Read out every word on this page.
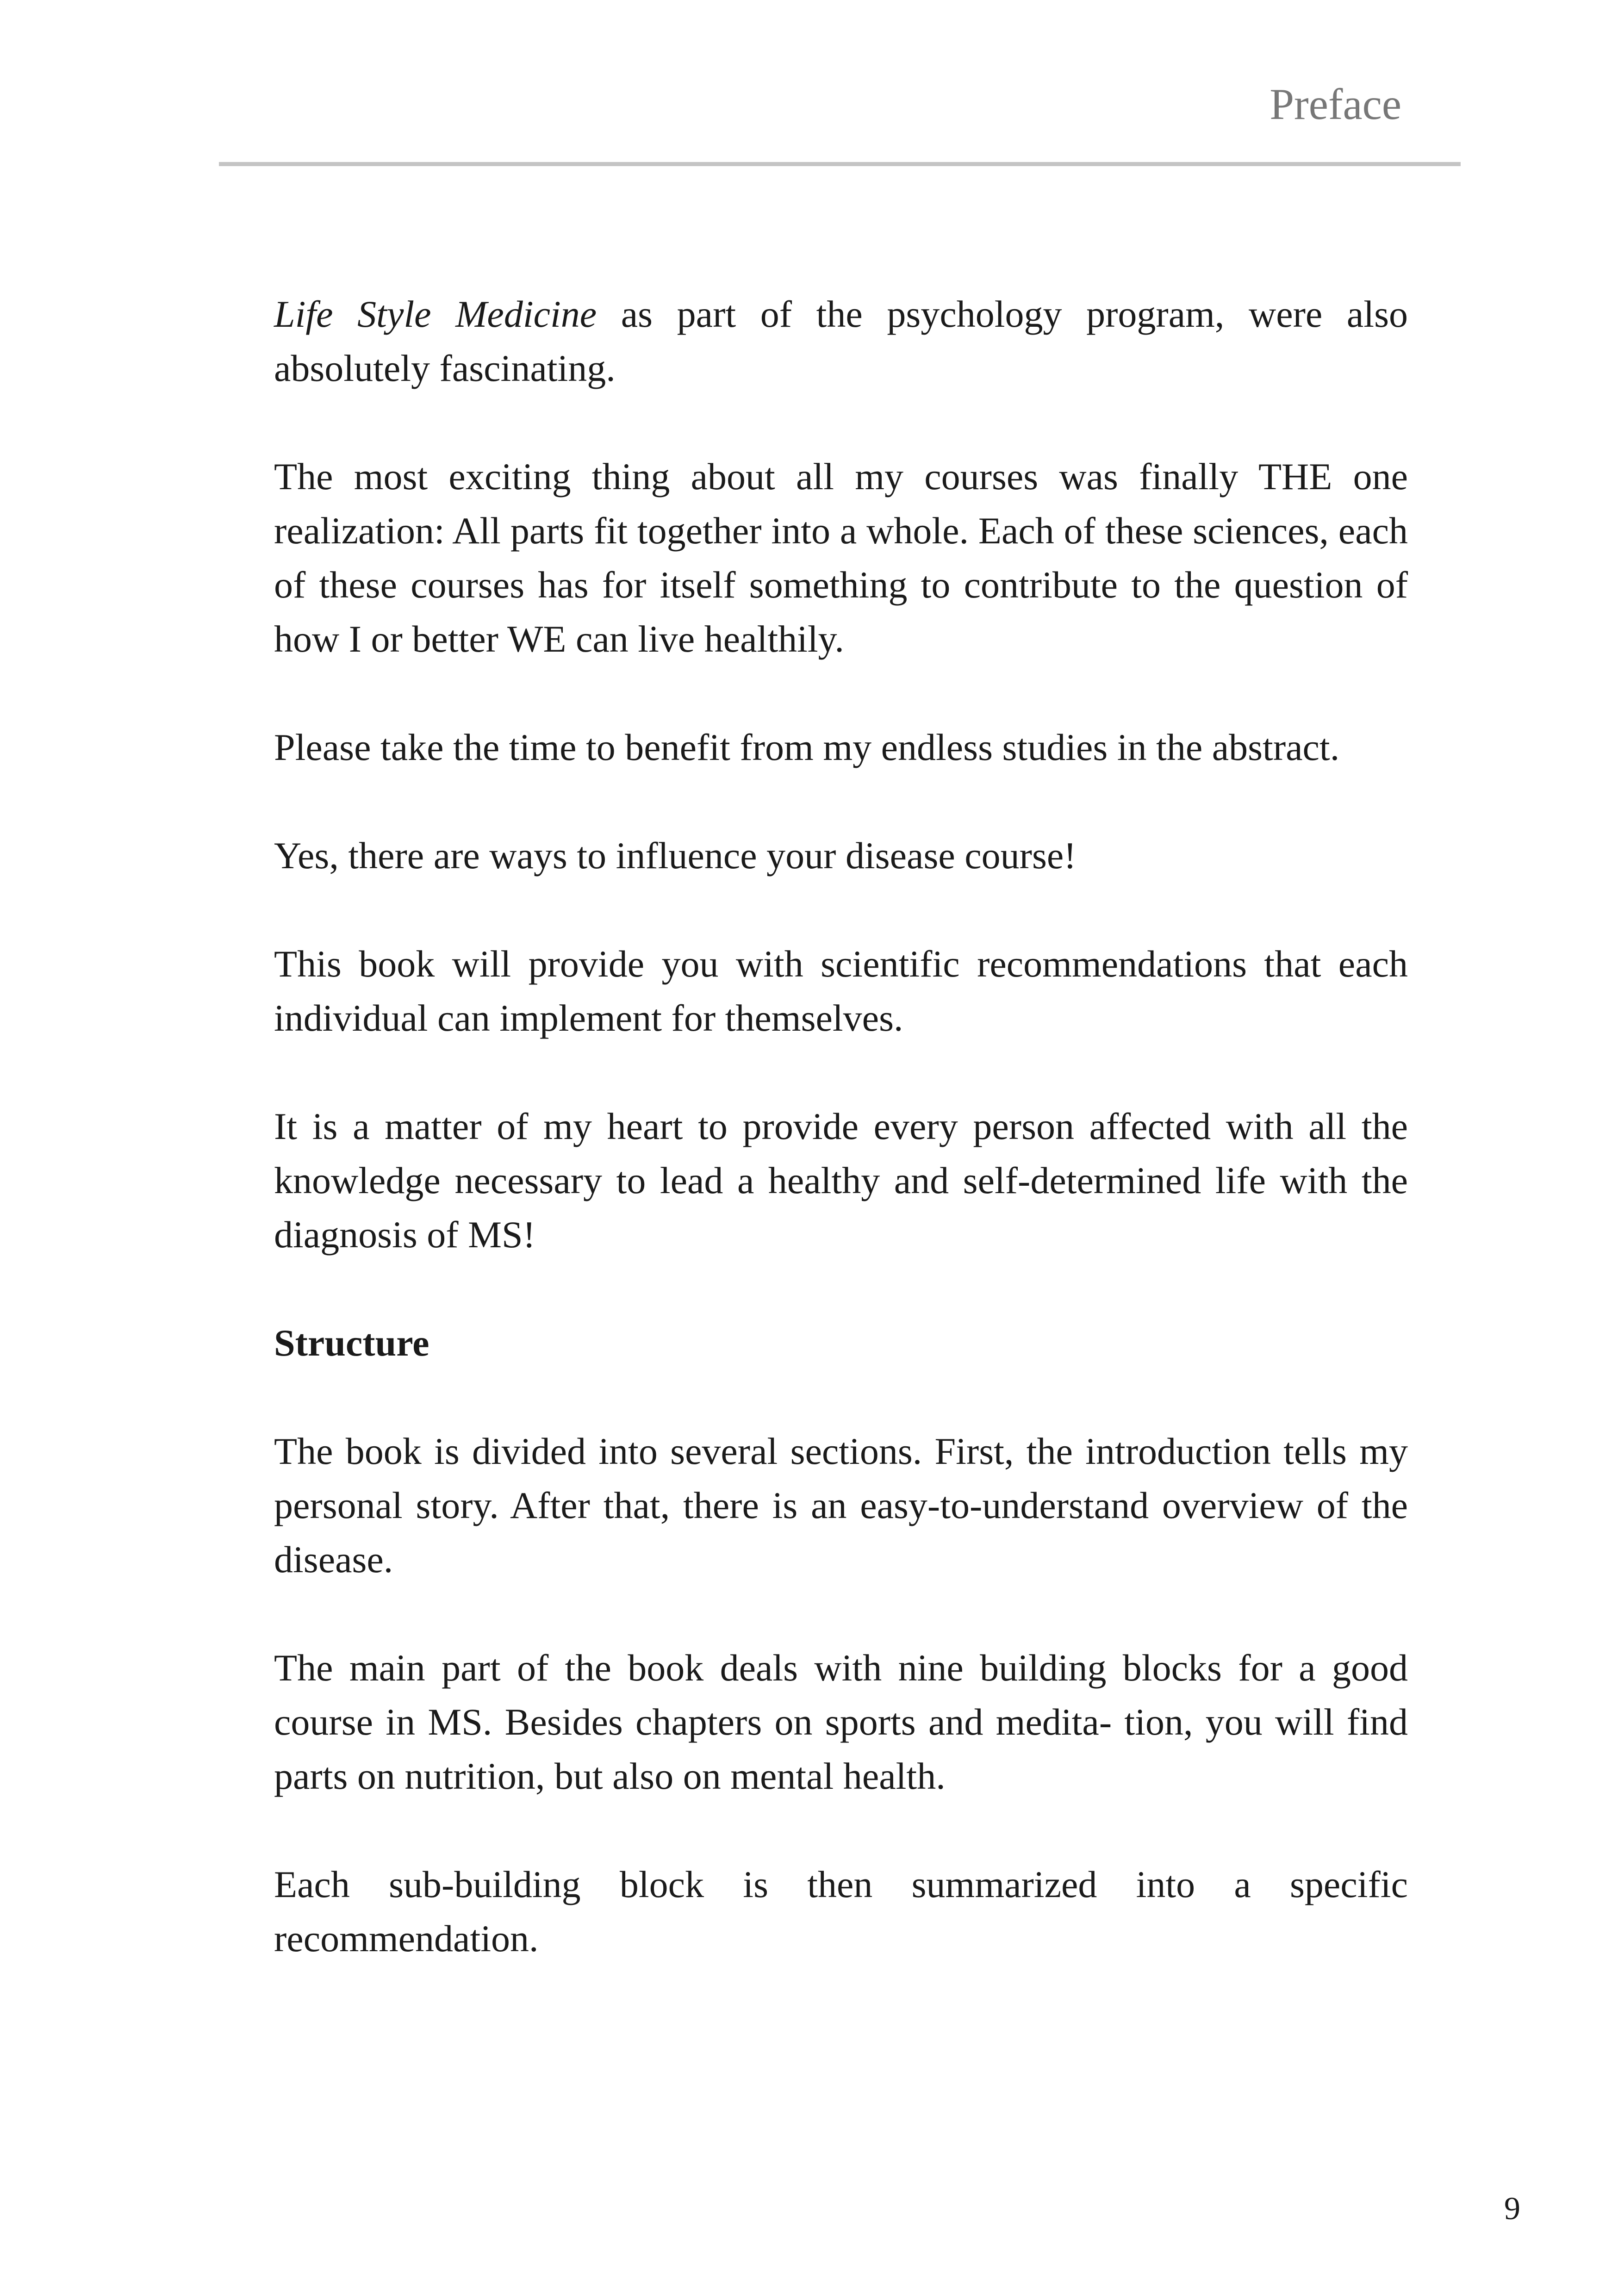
Preface

Life Style Medicine as part of the psychology program, were also absolutely fascinating.

The most exciting thing about all my courses was finally THE one realization: All parts fit together into a whole. Each of these sciences, each of these courses has for itself something to contribute to the question of how I or better WE can live healthily.

Please take the time to benefit from my endless studies in the abstract.

Yes, there are ways to influence your disease course!

This book will provide you with scientific recommendations that each individual can implement for themselves.

It is a matter of my heart to provide every person affected with all the knowledge necessary to lead a healthy and self-determined life with the diagnosis of MS!

Structure

The book is divided into several sections. First, the introduction tells my personal story. After that, there is an easy-to-understand overview of the disease.

The main part of the book deals with nine building blocks for a good course in MS. Besides chapters on sports and medita- tion, you will find parts on nutrition, but also on mental health.

Each sub-building block is then summarized into a specific recommendation.

9
